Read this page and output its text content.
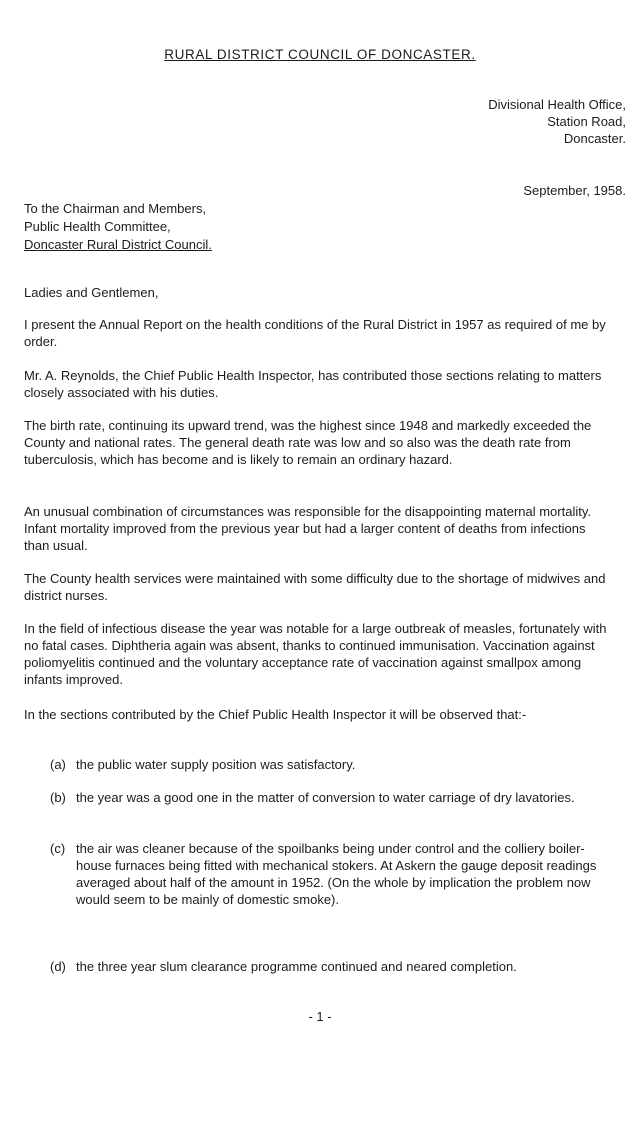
RURAL DISTRICT COUNCIL OF DONCASTER.
Divisional Health Office,
Station Road,
Doncaster.
September, 1958.
To the Chairman and Members,
Public Health Committee,
Doncaster Rural District Council.
Ladies and Gentlemen,

I present the Annual Report on the health conditions of the Rural District in 1957 as required of me by order.

Mr. A. Reynolds, the Chief Public Health Inspector, has contributed those sections relating to matters closely associated with his duties.

The birth rate, continuing its upward trend, was the highest since 1948 and markedly exceeded the County and national rates. The general death rate was low and so also was the death rate from tuberculosis, which has become and is likely to remain an ordinary hazard.

An unusual combination of circumstances was responsible for the disappointing maternal mortality. Infant mortality improved from the previous year but had a larger content of deaths from infections than usual.

The County health services were maintained with some difficulty due to the shortage of midwives and district nurses.

In the field of infectious disease the year was notable for a large outbreak of measles, fortunately with no fatal cases. Diphtheria again was absent, thanks to continued immunisation. Vaccination against poliomyelitis continued and the voluntary acceptance rate of vaccination against smallpox among infants improved.

In the sections contributed by the Chief Public Health Inspector it will be observed that:-

(a) the public water supply position was satisfactory.
(b) the year was a good one in the matter of conversion to water carriage of dry lavatories.
(c) the air was cleaner because of the spoilbanks being under control and the colliery boiler-house furnaces being fitted with mechanical stokers. At Askern the gauge deposit readings averaged about half of the amount in 1952. (On the whole by implication the problem now would seem to be mainly of domestic smoke).
(d) the three year slum clearance programme continued and neared completion.
- 1 -
